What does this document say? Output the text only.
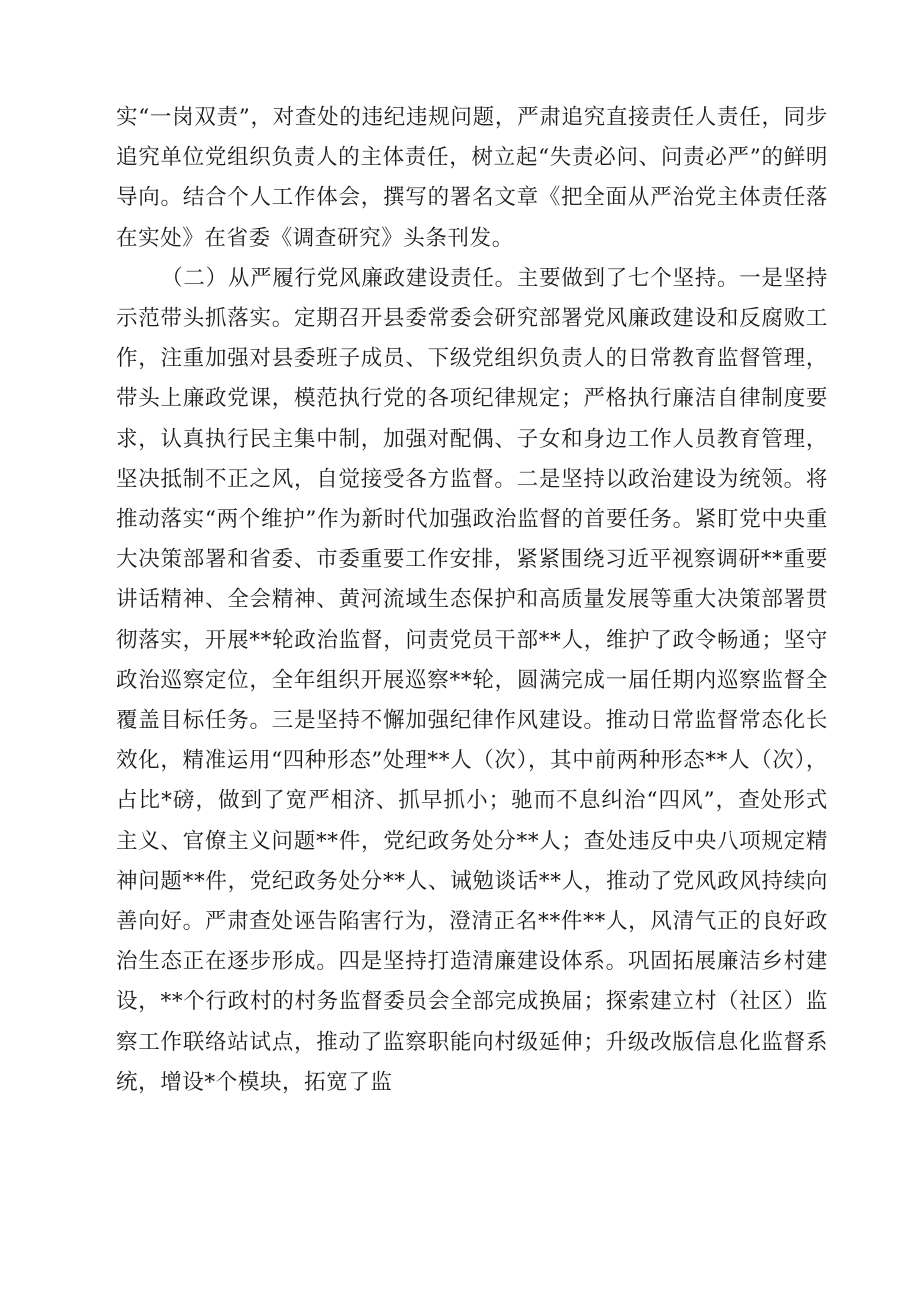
实“一岗双责”，对查处的违纪违规问题，严肃追究直接责任人责任，同步追究单位党组织负责人的主体责任，树立起“失责必问、问责必严”的鲜明导向。结合个人工作体会，撰写的署名文章《把全面从严治党主体责任落在实处》在省委《调查研究》头条刊发。

（二）从严履行党风廉政建设责任。主要做到了七个坚持。一是坚持示范带头抓落实。定期召开县委常委会研究部署党风廉政建设和反腐败工作，注重加强对县委班子成员、下级党组织负责人的日常教育监督管理，带头上廉政党课，模范执行党的各项纪律规定；严格执行廉洁自律制度要求，认真执行民主集中制，加强对配偶、子女和身边工作人员教育管理，坚决抵制不正之风，自觉接受各方监督。二是坚持以政治建设为统领。将推动落实“两个维护”作为新时代加强政治监督的首要任务。紧盯党中央重大决策部署和省委、市委重要工作安排，紧紧围绕习近平视察调研**重要讲话精神、全会精神、黄河流域生态保护和高质量发展等重大决策部署贯彻落实，开展**轮政治监督，问责党员干部**人，维护了政令畅通；坚守政治巡察定位，全年组织开展巡察**轮，圆满完成一届任期内巡察监督全覆盖目标任务。三是坚持不懈加强纪律作风建设。推动日常监督常态化长效化，精准运用“四种形态”处理**人（次），其中前两种形态**人（次），占比*磅，做到了宽严相济、抓早抓小；驰而不息纠治“四风”，查处形式主义、官僚主义问题**件，党纪政务处分**人；查处违反中央八项规定精神问题**件，党纪政务处分**人、诫勉谈话**人，推动了党风政风持续向善向好。严肃查处诬告陷害行为，澄清正名**件**人，风清气正的良好政治生态正在逐步形成。四是坚持打造清廉建设体系。巩固拓展廉洁乡村建设，**个行政村的村务监督委员会全部完成换届；探索建立村（社区）监察工作联络站试点，推动了监察职能向村级延伸；升级改版信息化监督系统，增设*个模块，拓宽了监
